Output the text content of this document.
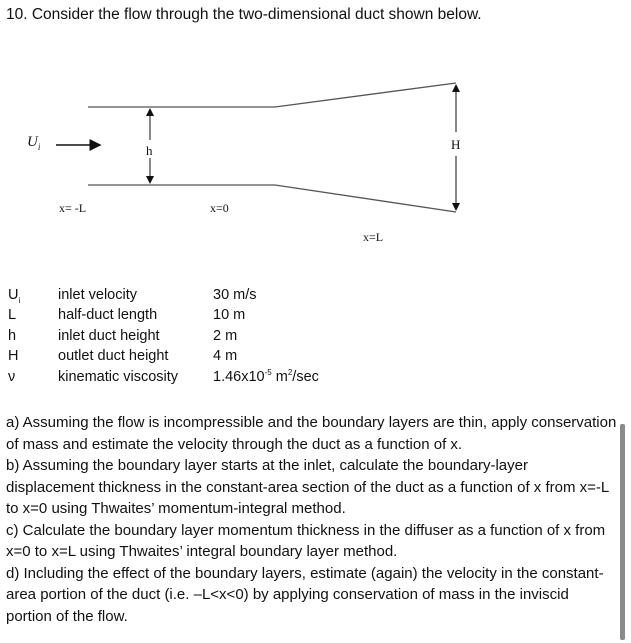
10. Consider the flow through the two-dimensional duct shown below.
$U_i$	h	H
x= -L	x=0
x=L
$U_i$	inlet velocity	30 m/s
L	half-duct length	10 m
h	inlet duct height	2 m
H	outlet duct height	4 m
ν	kinematic viscosity $1.46x10^{-5}$ $m^2/\sec$

a) Assuming the flow is incompressible and the boundary layers are thin, apply conservation of mass and estimate the velocity through the duct as a function of x.

b) Assuming the boundary layer starts at the inlet, calculate the boundary-layer displacement thickness in the constant-area section of the duct as a function of x from x=-L to x=0 using Thwaites’ momentum-integral method.

c) Calculate the boundary layer momentum thickness in the diffuser as a function of x from x=0 to x=L using Thwaites’ integral boundary layer method.

d) Including the effect of the boundary layers, estimate (again) the velocity in the constant-area portion of the duct (i.e. –L<x<0) by applying conservation of mass in the inviscid portion of the flow.
